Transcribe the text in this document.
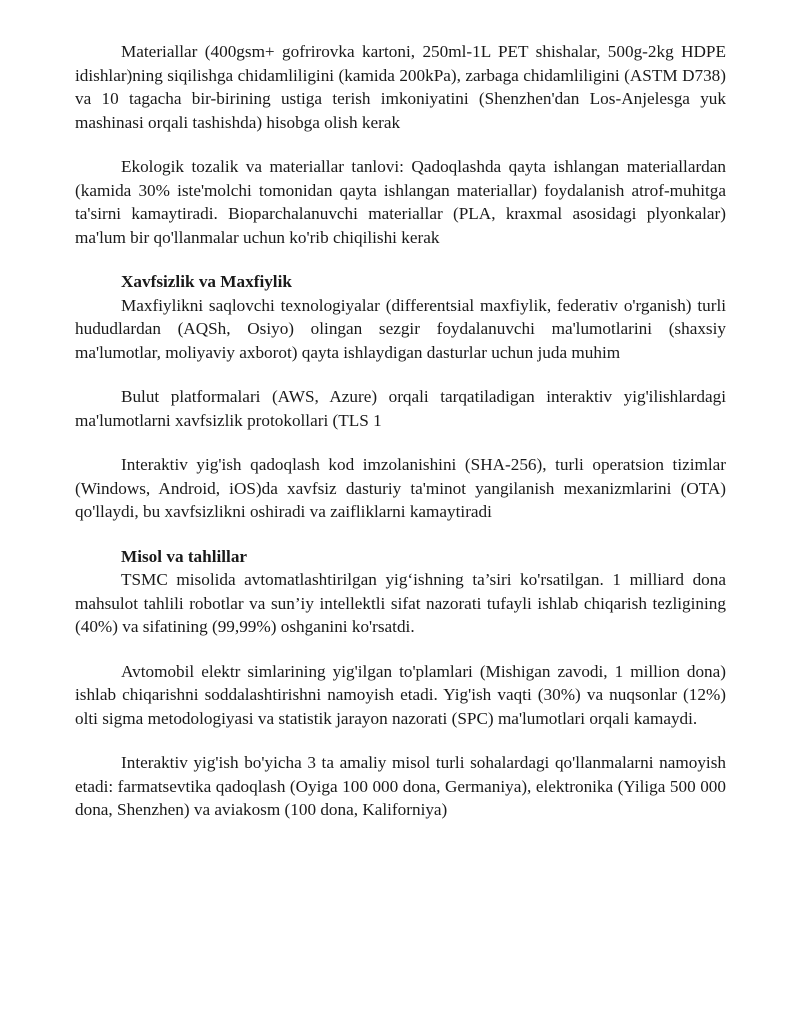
Materiallar (400gsm+ gofrirovka kartoni, 250ml-1L PET shishalar, 500g-2kg HDPE idishlar)ning siqilishga chidamliligini (kamida 200kPa), zarbaga chidamliligini (ASTM D738) va 10 tagacha bir-birining ustiga terish imkoniyatini (Shenzhen'dan Los-Anjelesga yuk mashinasi orqali tashishda) hisobga olish kerak

Ekologik tozalik va materiallar tanlovi: Qadoqlashda qayta ishlangan materiallardan (kamida 30% iste'molchi tomonidan qayta ishlangan materiallar) foydalanish atrof-muhitga ta'sirni kamaytiradi. Bioparchalanuvchi materiallar (PLA, kraxmal asosidagi plyonkalar) ma'lum bir qo'llanmalar uchun ko'rib chiqilishi kerak

Xavfsizlik va Maxfiylik

Maxfiylikni saqlovchi texnologiyalar (differentsial maxfiylik, federativ o'rganish) turli hududlardan (AQSh, Osiyo) olingan sezgir foydalanuvchi ma'lumotlarini (shaxsiy ma'lumotlar, moliyaviy axborot) qayta ishlaydigan dasturlar uchun juda muhim

Bulut platformalari (AWS, Azure) orqali tarqatiladigan interaktiv yig'ilishlardagi ma'lumotlarni xavfsizlik protokollari (TLS 1

Interaktiv yig'ish qadoqlash kod imzolanishini (SHA-256), turli operatsion tizimlar (Windows, Android, iOS)da xavfsiz dasturiy ta'minot yangilanish mexanizmlarini (OTA) qo'llaydi, bu xavfsizlikni oshiradi va zaifliklarni kamaytiradi

Misol va tahlillar

TSMC misolida avtomatlashtirilgan yig‘ishning ta’siri ko'rsatilgan. 1 milliard dona mahsulot tahlili robotlar va sun’iy intellektli sifat nazorati tufayli ishlab chiqarish tezligining (40%) va sifatining (99,99%) oshganini ko'rsatdi.

Avtomobil elektr simlarining yig'ilgan to'plamlari (Mishigan zavodi, 1 million dona) ishlab chiqarishni soddalashtirishni namoyish etadi. Yig'ish vaqti (30%) va nuqsonlar (12%) olti sigma metodologiyasi va statistik jarayon nazorati (SPC) ma'lumotlari orqali kamaydi.

Interaktiv yig'ish bo'yicha 3 ta amaliy misol turli sohalardagi qo'llanmalarni namoyish etadi: farmatsevtika qadoqlash (Oyiga 100 000 dona, Germaniya), elektronika (Yiliga 500 000 dona, Shenzhen) va aviakosm (100 dona, Kaliforniya)
